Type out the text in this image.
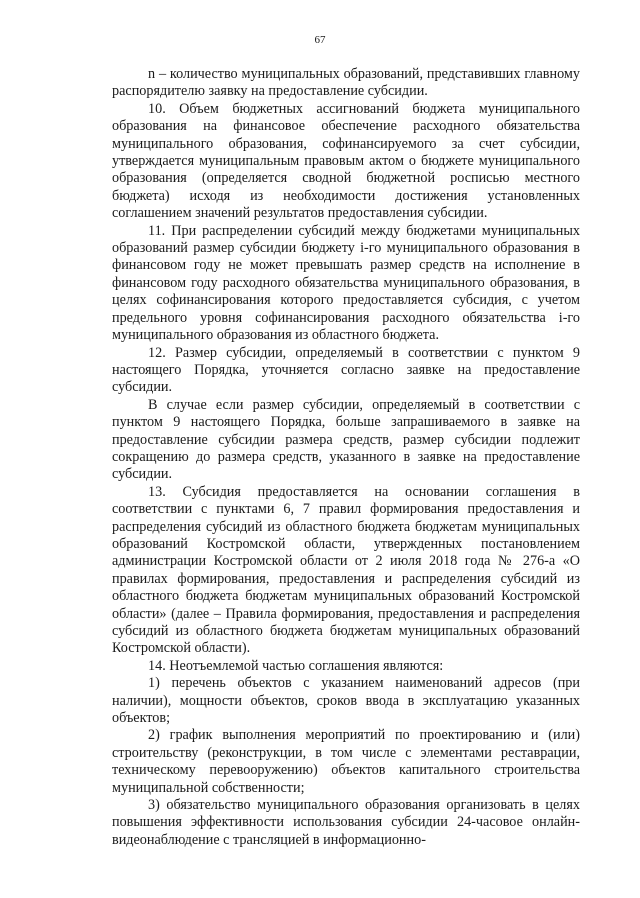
67

n – количество муниципальных образований, представивших главному распорядителю заявку на предоставление субсидии.

10. Объем бюджетных ассигнований бюджета муниципального образования на финансовое обеспечение расходного обязательства муниципального образования, софинансируемого за счет субсидии, утверждается муниципальным правовым актом о бюджете муниципального образования (определяется сводной бюджетной росписью местного бюджета) исходя из необходимости достижения установленных соглашением значений результатов предоставления субсидии.

11. При распределении субсидий между бюджетами муниципальных образований размер субсидии бюджету i-го муниципального образования в финансовом году не может превышать размер средств на исполнение в финансовом году расходного обязательства муниципального образования, в целях софинансирования которого предоставляется субсидия, с учетом предельного уровня софинансирования расходного обязательства i-го муниципального образования из областного бюджета.

12. Размер субсидии, определяемый в соответствии с пунктом 9 настоящего Порядка, уточняется согласно заявке на предоставление субсидии.

В случае если размер субсидии, определяемый в соответствии с пунктом 9 настоящего Порядка, больше запрашиваемого в заявке на предоставление субсидии размера средств, размер субсидии подлежит сокращению до размера средств, указанного в заявке на предоставление субсидии.

13. Субсидия предоставляется на основании соглашения в соответствии с пунктами 6, 7 правил формирования предоставления и распределения субсидий из областного бюджета бюджетам муниципальных образований Костромской области, утвержденных постановлением администрации Костромской области от 2 июля 2018 года № 276-а «О правилах формирования, предоставления и распределения субсидий из областного бюджета бюджетам муниципальных образований Костромской области» (далее – Правила формирования, предоставления и распределения субсидий из областного бюджета бюджетам муниципальных образований Костромской области).

14. Неотъемлемой частью соглашения являются:

1) перечень объектов с указанием наименований адресов (при наличии), мощности объектов, сроков ввода в эксплуатацию указанных объектов;

2) график выполнения мероприятий по проектированию и (или) строительству (реконструкции, в том числе с элементами реставрации, техническому перевооружению) объектов капитального строительства муниципальной собственности;

3) обязательство муниципального образования организовать в целях повышения эффективности использования субсидии 24-часовое онлайн-видеонаблюдение с трансляцией в информационно-
